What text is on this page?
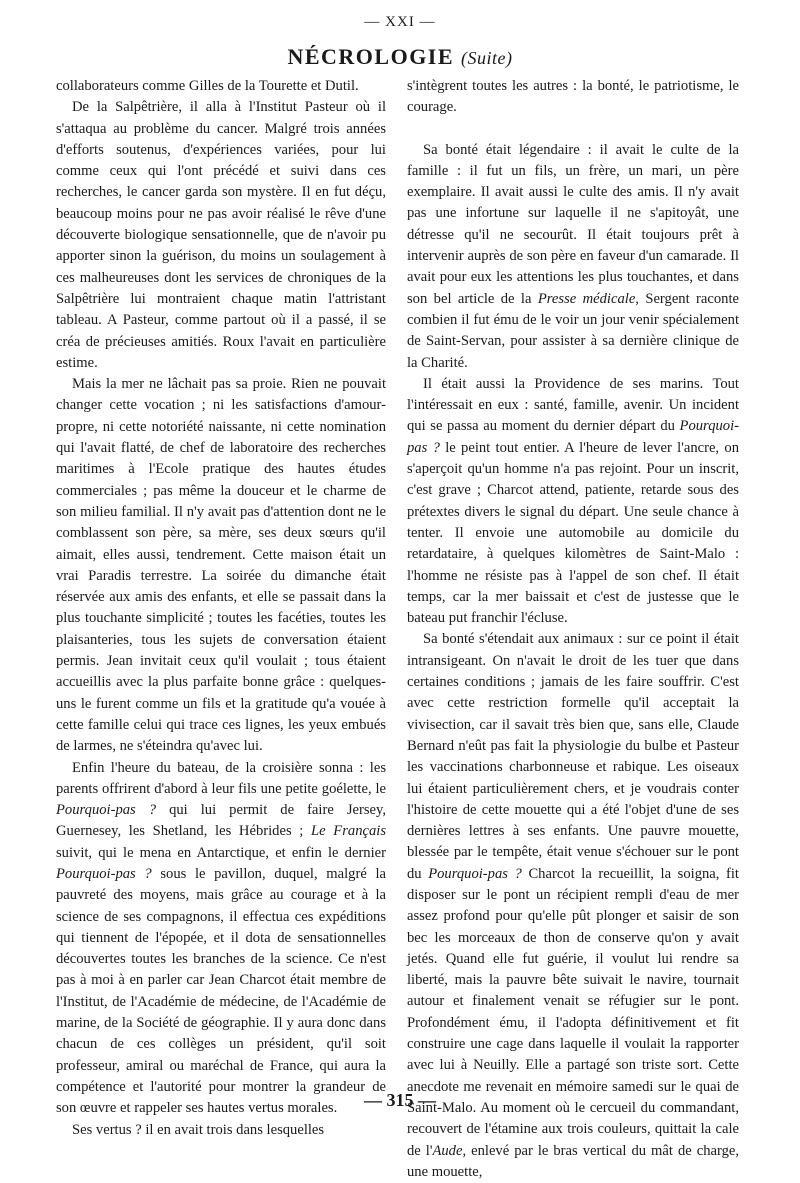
— XXI —
NÉCROLOGIE (Suite)

collaborateurs comme Gilles de la Tourette et Dutil.

De la Salpêtrière, il alla à l'Institut Pasteur où il s'attaqua au problème du cancer. Malgré trois années d'efforts soutenus, d'expériences variées, pour lui comme ceux qui l'ont précédé et suivi dans ces recherches, le cancer garda son mystère. Il en fut déçu, beaucoup moins pour ne pas avoir réalisé le rêve d'une découverte biologique sensationnelle, que de n'avoir pu apporter sinon la guérison, du moins un soulagement à ces malheureuses dont les services de chroniques de la Salpêtrière lui montraient chaque matin l'attristant tableau. A Pasteur, comme partout où il a passé, il se créa de précieuses amitiés. Roux l'avait en particulière estime.

Mais la mer ne lâchait pas sa proie. Rien ne pouvait changer cette vocation ; ni les satisfactions d'amour-propre, ni cette notoriété naissante, ni cette nomination qui l'avait flatté, de chef de laboratoire des recherches maritimes à l'Ecole pratique des hautes études commerciales ; pas même la douceur et le charme de son milieu familial. Il n'y avait pas d'attention dont ne le comblassent son père, sa mère, ses deux sœurs qu'il aimait, elles aussi, tendrement. Cette maison était un vrai Paradis terrestre. La soirée du dimanche était réservée aux amis des enfants, et elle se passait dans la plus touchante simplicité ; toutes les facéties, toutes les plaisanteries, tous les sujets de conversation étaient permis. Jean invitait ceux qu'il voulait ; tous étaient accueillis avec la plus parfaite bonne grâce : quelques-uns le furent comme un fils et la gratitude qu'a vouée à cette famille celui qui trace ces lignes, les yeux embués de larmes, ne s'éteindra qu'avec lui.

Enfin l'heure du bateau, de la croisière sonna : les parents offrirent d'abord à leur fils une petite goélette, le Pourquoi-pas ? qui lui permit de faire Jersey, Guernesey, les Shetland, les Hébrides ; Le Français suivit, qui le mena en Antarctique, et enfin le dernier Pourquoi-pas ? sous le pavillon, duquel, malgré la pauvreté des moyens, mais grâce au courage et à la science de ses compagnons, il effectua ces expéditions qui tiennent de l'épopée, et il dota de sensationnelles découvertes toutes les branches de la science. Ce n'est pas à moi à en parler car Jean Charcot était membre de l'Institut, de l'Académie de médecine, de l'Académie de marine, de la Société de géographie. Il y aura donc dans chacun de ces collèges un président, qu'il soit professeur, amiral ou maréchal de France, qui aura la compétence et l'autorité pour montrer la grandeur de son œuvre et rappeler ses hautes vertus morales.

Ses vertus ? il en avait trois dans lesquelles

s'intègrent toutes les autres : la bonté, le patriotisme, le courage.

Sa bonté était légendaire : il avait le culte de la famille : il fut un fils, un frère, un mari, un père exemplaire. Il avait aussi le culte des amis. Il n'y avait pas une infortune sur laquelle il ne s'apitoyât, une détresse qu'il ne secourût. Il était toujours prêt à intervenir auprès de son père en faveur d'un camarade. Il avait pour eux les attentions les plus touchantes, et dans son bel article de la Presse médicale, Sergent raconte combien il fut ému de le voir un jour venir spécialement de Saint-Servan, pour assister à sa dernière clinique de la Charité.

Il était aussi la Providence de ses marins. Tout l'intéressait en eux : santé, famille, avenir. Un incident qui se passa au moment du dernier départ du Pourquoi-pas ? le peint tout entier. A l'heure de lever l'ancre, on s'aperçoit qu'un homme n'a pas rejoint. Pour un inscrit, c'est grave ; Charcot attend, patiente, retarde sous des prétextes divers le signal du départ. Une seule chance à tenter. Il envoie une automobile au domicile du retardataire, à quelques kilomètres de Saint-Malo : l'homme ne résiste pas à l'appel de son chef. Il était temps, car la mer baissait et c'est de justesse que le bateau put franchir l'écluse.

Sa bonté s'étendait aux animaux : sur ce point il était intransigeant. On n'avait le droit de les tuer que dans certaines conditions ; jamais de les faire souffrir. C'est avec cette restriction formelle qu'il acceptait la vivisection, car il savait très bien que, sans elle, Claude Bernard n'eût pas fait la physiologie du bulbe et Pasteur les vaccinations charbonneuse et rabique. Les oiseaux lui étaient particulièrement chers, et je voudrais conter l'histoire de cette mouette qui a été l'objet d'une de ses dernières lettres à ses enfants. Une pauvre mouette, blessée par le tempête, était venue s'échouer sur le pont du Pourquoi-pas ? Charcot la recueillit, la soigna, fit disposer sur le pont un récipient rempli d'eau de mer assez profond pour qu'elle pût plonger et saisir de son bec les morceaux de thon de conserve qu'on y avait jetés. Quand elle fut guérie, il voulut lui rendre sa liberté, mais la pauvre bête suivait le navire, tournait autour et finalement venait se réfugier sur le pont. Profondément ému, il l'adopta définitivement et fit construire une cage dans laquelle il voulait la rapporter avec lui à Neuilly. Elle a partagé son triste sort. Cette anecdote me revenait en mémoire samedi sur le quai de Saint-Malo. Au moment où le cercueil du commandant, recouvert de l'étamine aux trois couleurs, quittait la cale de l'Aude, enlevé par le bras vertical du mât de charge, une mouette,

— 315 —
